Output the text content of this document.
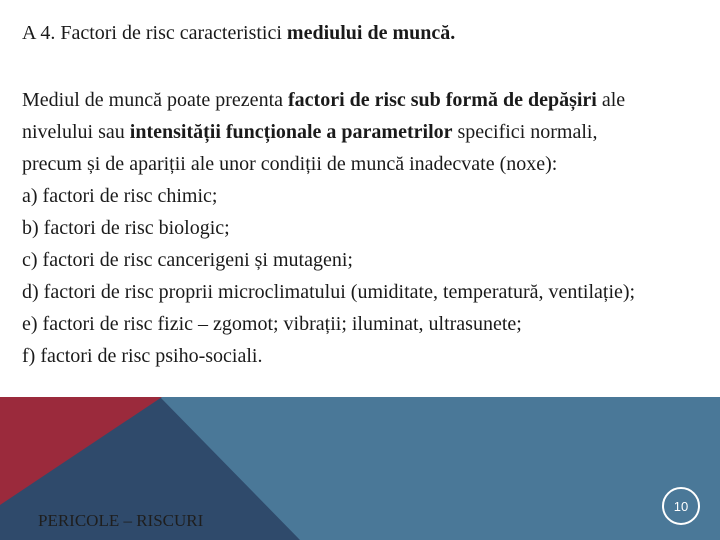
A 4. Factori de risc caracteristici mediului de muncă.

Mediul de muncă poate prezenta factori de risc sub formă de depășiri ale

nivelului sau intensității funcționale a parametrilor specifici normali,

precum și de apariții ale unor condiții de muncă inadecvate (noxe):

a) factori de risc chimic;

b) factori de risc biologic;

c) factori de risc cancerigeni și mutageni;

d) factori de risc proprii microclimatului (umiditate, temperatură, ventilație);

e) factori de risc fizic – zgomot; vibrații; iluminat, ultrasunete;

f) factori de risc psiho-sociali.

PERICOLE – RISCURI
10
